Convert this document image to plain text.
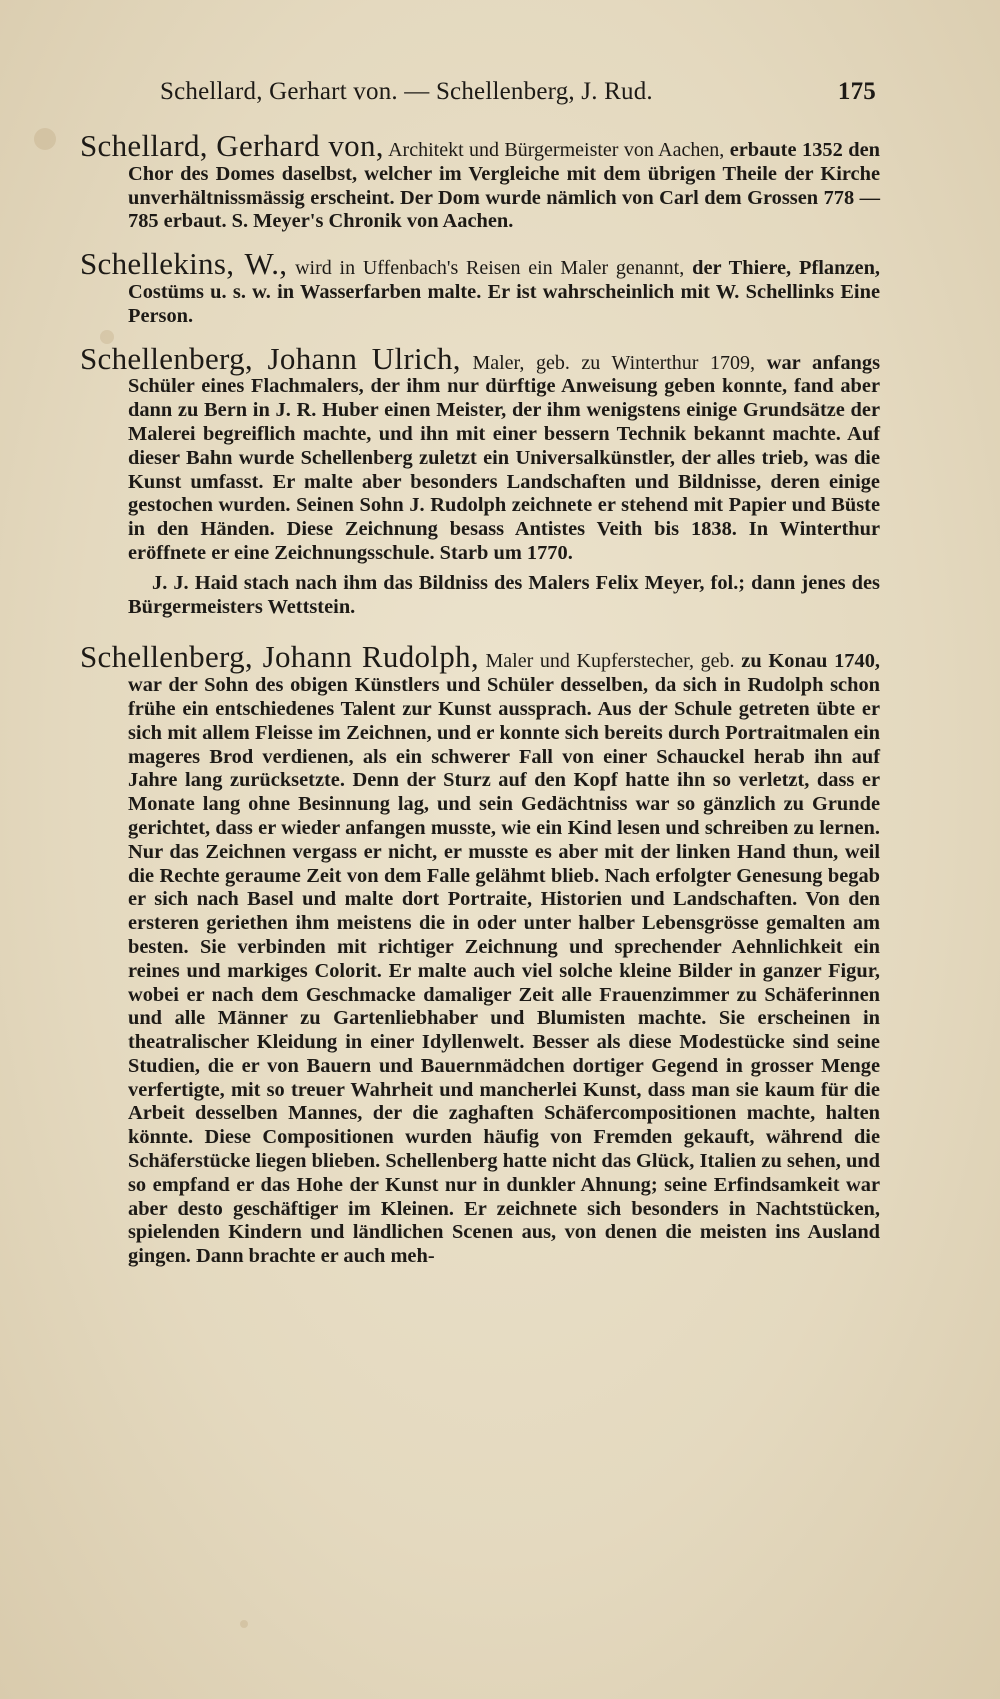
Schellard, Gerhart von. — Schellenberg, J. Rud.	175

Schellard, Gerhard von, Architekt und Bürgermeister von Aachen, erbaute 1352 den Chor des Domes daselbst, welcher im Vergleiche mit dem übrigen Theile der Kirche unverhältnissmässig erscheint. Der Dom wurde nämlich von Carl dem Grossen 778 — 785 erbaut. S. Meyer's Chronik von Aachen.

Schellekins, W., wird in Uffenbach's Reisen ein Maler genannt, der Thiere, Pflanzen, Costüms u. s. w. in Wasserfarben malte. Er ist wahrscheinlich mit W. Schellinks Eine Person.

Schellenberg, Johann Ulrich, Maler, geb. zu Winterthur 1709, war anfangs Schüler eines Flachmalers, der ihm nur dürftige Anweisung geben konnte, fand aber dann zu Bern in J. R. Huber einen Meister, der ihm wenigstens einige Grundsätze der Malerei begreiflich machte, und ihn mit einer bessern Technik bekannt machte. Auf dieser Bahn wurde Schellenberg zuletzt ein Universalkünstler, der alles trieb, was die Kunst umfasst. Er malte aber besonders Landschaften und Bildnisse, deren einige gestochen wurden. Seinen Sohn J. Rudolph zeichnete er stehend mit Papier und Büste in den Händen. Diese Zeichnung besass Antistes Veith bis 1838. In Winterthur eröffnete er eine Zeichnungsschule. Starb um 1770.

J. J. Haid stach nach ihm das Bildniss des Malers Felix Meyer, fol.; dann jenes des Bürgermeisters Wettstein.

Schellenberg, Johann Rudolph, Maler und Kupferstecher, geb. zu Konau 1740, war der Sohn des obigen Künstlers und Schüler desselben, da sich in Rudolph schon frühe ein entschiedenes Talent zur Kunst aussprach. Aus der Schule getreten übte er sich mit allem Fleisse im Zeichnen, und er konnte sich bereits durch Portraitmalen ein mageres Brod verdienen, als ein schwerer Fall von einer Schauckel herab ihn auf Jahre lang zurücksetzte. Denn der Sturz auf den Kopf hatte ihn so verletzt, dass er Monate lang ohne Besinnung lag, und sein Gedächtniss war so gänzlich zu Grunde gerichtet, dass er wieder anfangen musste, wie ein Kind lesen und schreiben zu lernen. Nur das Zeichnen vergass er nicht, er musste es aber mit der linken Hand thun, weil die Rechte geraume Zeit von dem Falle gelähmt blieb. Nach erfolgter Genesung begab er sich nach Basel und malte dort Portraite, Historien und Landschaften. Von den ersteren geriethen ihm meistens die in oder unter halber Lebensgrösse gemalten am besten. Sie verbinden mit richtiger Zeichnung und sprechender Aehnlichkeit ein reines und markiges Colorit. Er malte auch viel solche kleine Bilder in ganzer Figur, wobei er nach dem Geschmacke damaliger Zeit alle Frauenzimmer zu Schäferinnen und alle Männer zu Gartenliebhaber und Blumisten machte. Sie erscheinen in theatralischer Kleidung in einer Idyllenwelt. Besser als diese Modestücke sind seine Studien, die er von Bauern und Bauernmädchen dortiger Gegend in grosser Menge verfertigte, mit so treuer Wahrheit und mancherlei Kunst, dass man sie kaum für die Arbeit desselben Mannes, der die zaghaften Schäfercompositionen machte, halten könnte. Diese Compositionen wurden häufig von Fremden gekauft, während die Schäferstücke liegen blieben. Schellenberg hatte nicht das Glück, Italien zu sehen, und so empfand er das Hohe der Kunst nur in dunkler Ahnung; seine Erfindsamkeit war aber desto geschäftiger im Kleinen. Er zeichnete sich besonders in Nachtstücken, spielenden Kindern und ländlichen Scenen aus, von denen die meisten ins Ausland gingen. Dann brachte er auch meh-
